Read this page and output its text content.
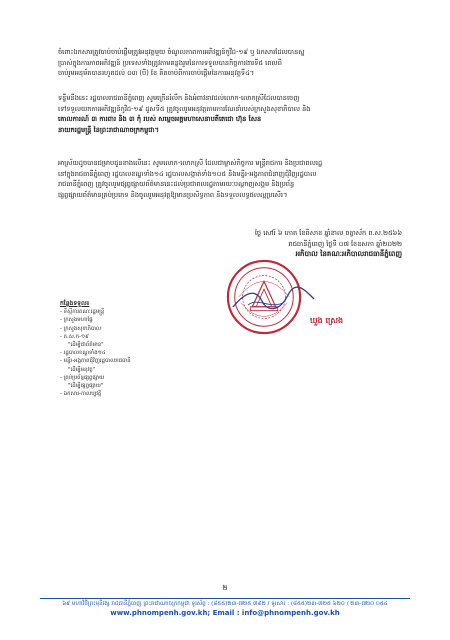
ចំពោះឯកសារត្រូវបាប់ចាប់ផ្ដើមត្រូវអនុវត្តមួយ ចំណូលភាពការអភិវឌ្ឍន៍កូវីដ-១៩ ឬ ឯកសារដែលបានស្ន
ប្រាស់ក្នុងការភាពអភិវឌ្ឍន៍ ប្រទេសទាំងត្រូវតាមគន្លងរួមនៃការទទួលបានកិច្ចការងារទី៥ ពេលពី
ចាប់រួមអនុម័តបានរហូតដល់ ០៣ (បី) ខែ គិតចាប់ពីការចាប់ផ្ដើមនៃការអនុវត្តទី៤។
ទន្ទឹមនឹងនេះ រដ្ឋបាលរាជធានីភ្នំពេញ សូមក្រើនរំលឹក និងអំពាវនាវដល់លោក-លោកស្រីដែលបានចេញ
ទៅទទួលយកការអភិវឌ្ឍន៍កូវីដ-១៩ ដូសទី៥ ត្រូវចូលរួមអនុវត្តតាមការណែនាំរបស់ក្រសួងសុខាភិបាល និង
គោលការណ៍ ៣ ការពារ និង ៣ កុំ របស់ សម្ដេចអគ្គមហាសេនាបតីតេជោ ហ៊ុន សែន
នាយករដ្ឋមន្ត្រី នៃព្រះរាជាណាចក្រកម្ពុជា។
អាស្រ័យដូចបានជម្រាបជូនខាងលើនេះ សូមលោក-លោកស្រី ដែលជាម្ចាស់កិច្ចការ មន្ត្រីរាជការ និងប្រជាពលរដ្ឋ
នៅក្នុងរាជធានីភ្នំពេញ រដ្ឋបាលខណ្ឌទាំង១៤ រដ្ឋបាលសង្កាត់ទាំង១០៥ និងមន្ទីរ-អង្គភាពជំនាញជុំវិញរដ្ឋបាល
រាជធានីភ្នំពេញ ត្រូវចូលរួមផ្សព្វផ្សាយព័ត៌មាននេះដល់ប្រជាពលរដ្ឋតាមរយៈបណ្ដាញសង្គម និងប្រព័ន្ធ
ផ្សព្វផ្សាយព័ត៌មានគ្រប់ប្រភេទ និងចូលរួមអនុវត្តឱ្យមានប្រសិទ្ធភាព និងទទួលលទ្ធផលល្អប្រសើរ។
ថ្ងៃ សៅរ៍ ៦ កោត ខែពិសាខ ឆ្នាំខាល ចត្វាស័ក ព.ស.២៥៦៦
រាជធានីភ្នំពេញ ថ្ងៃទី ០៧ ខែឧសភា ឆ្នាំ២០២២
អភិបាល នៃគណៈអភិបាលរាជធានីភ្នំពេញ
ឃួង ស្រេង
កន្លែងទទួល៖
- ទីស្ដីការគណៈរដ្ឋមន្ត្រី
- ក្រសួងមហាផ្ទៃ
- ក្រសួងសុខាភិបាល
- គ.ស.ក-១៩
"ដើម្បីជាព័ត៌មាន"
- រដ្ឋបាលខណ្ឌទាំង១៤
- មន្ទីរ-អង្គភាពជុំវិញរដ្ឋបាលរាជធានី
"ដើម្បីអនុវត្ត"
- គ្រប់ប្រព័ន្ធផ្សព្វផ្សាយ
"ដើម្បីផ្សព្វផ្សាយ"
- ឯកសារ-កាលប្បវត្តិ
២
៦៩ មហាវិថីព្រះមុនីវង្ស រាជធានីភ្នំពេញ ព្រះរាជាណាចក្រកម្ពុជា ទូរស័ព្ទ : (៨៥៥)២៣-៧២៥ ៧៩២ / ទូរសារ : (៨៥៥)២៣-៧២៥ ៦២០ / ២៣-៧២០ ០៥៤
www.phnompenh.gov.kh; Email : info@phnompenh.gov.kh
